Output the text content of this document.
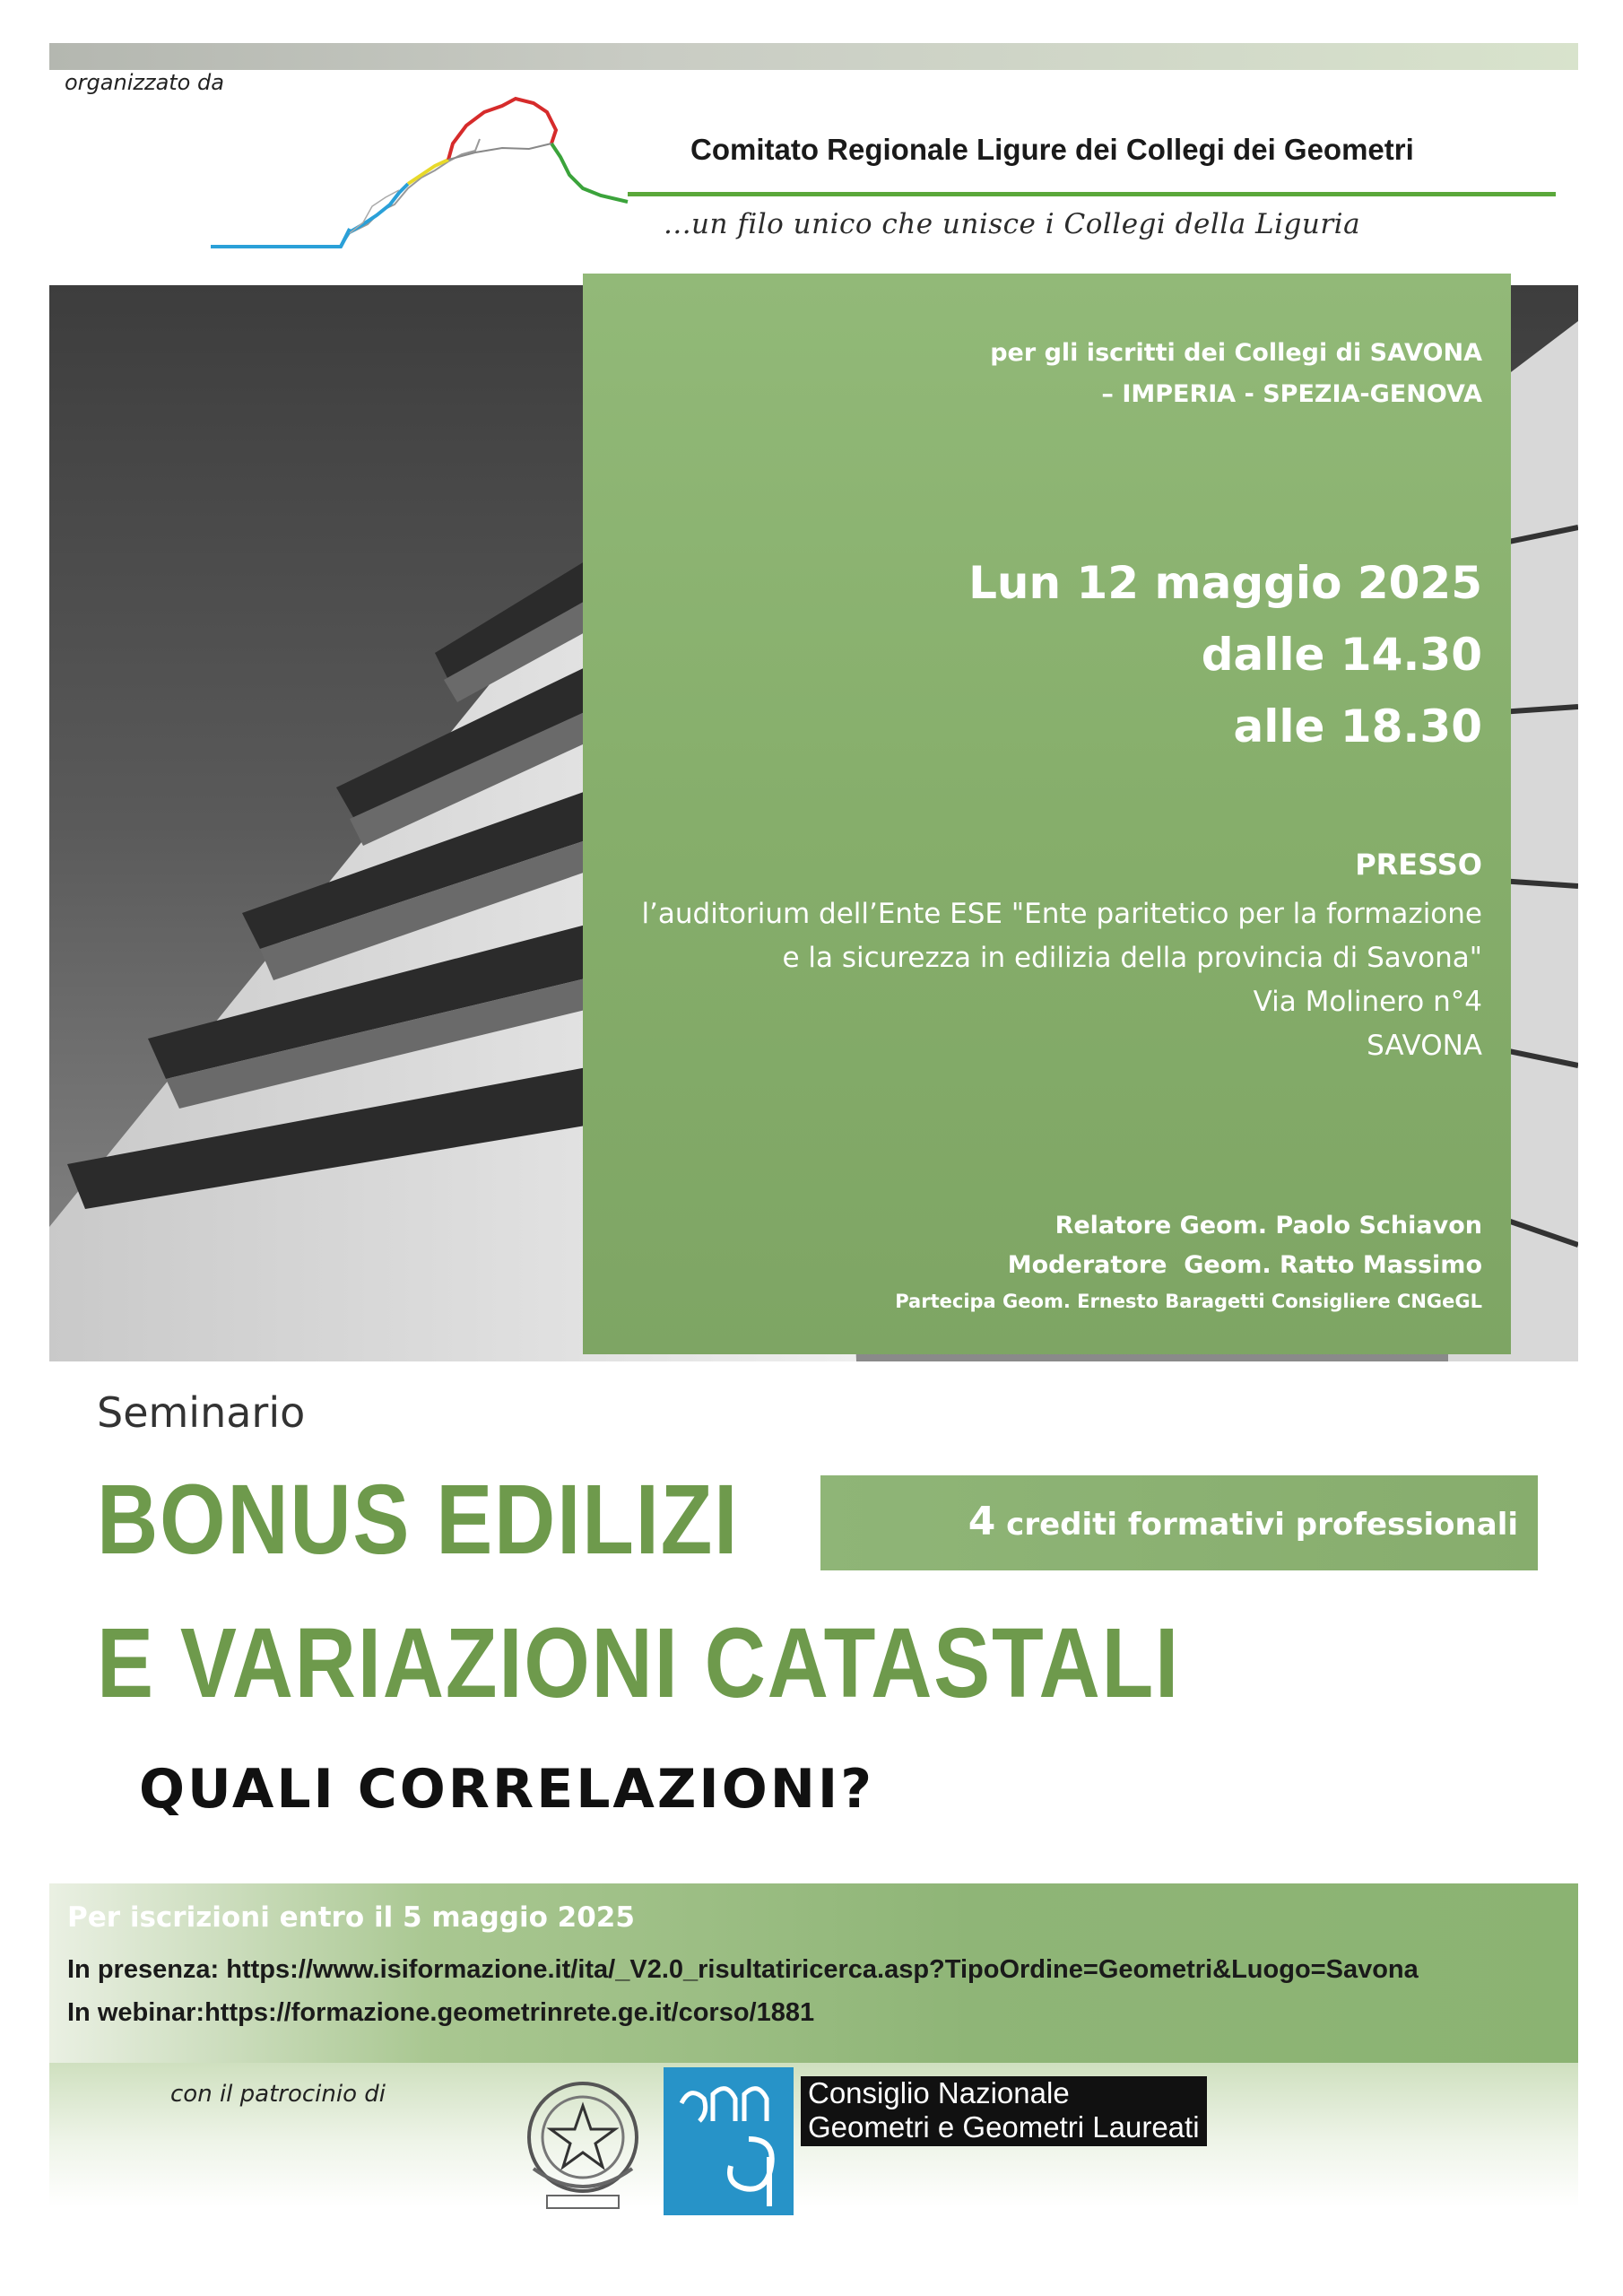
organizzato da
Comitato Regionale Ligure dei Collegi dei Geometri
...un filo unico che unisce i Collegi della Liguria
per gli iscritti dei Collegi di SAVONA
– IMPERIA - SPEZIA-GENOVA
Lun 12 maggio 2025
dalle 14.30
alle 18.30
PRESSO
l’auditorium dell’Ente ESE "Ente paritetico per la formazione
e la sicurezza in edilizia della provincia di Savona"
Via Molinero n°4
SAVONA
Relatore Geom. Paolo Schiavon
Moderatore  Geom. Ratto Massimo
Partecipa Geom. Ernesto Baragetti Consigliere CNGeGL
Seminario
BONUS EDILIZI
E VARIAZIONI CATASTALI
QUALI CORRELAZIONI?
4 crediti formativi professionali
Per iscrizioni entro il 5 maggio 2025
In presenza: https://www.isiformazione.it/ita/_V2.0_risultatiricerca.asp?TipoOrdine=Geometri&Luogo=Savona
In webinar:https://formazione.geometrinrete.ge.it/corso/1881
con il patrocinio di	Consiglio Nazionale
Geometri e Geometri Laureati
